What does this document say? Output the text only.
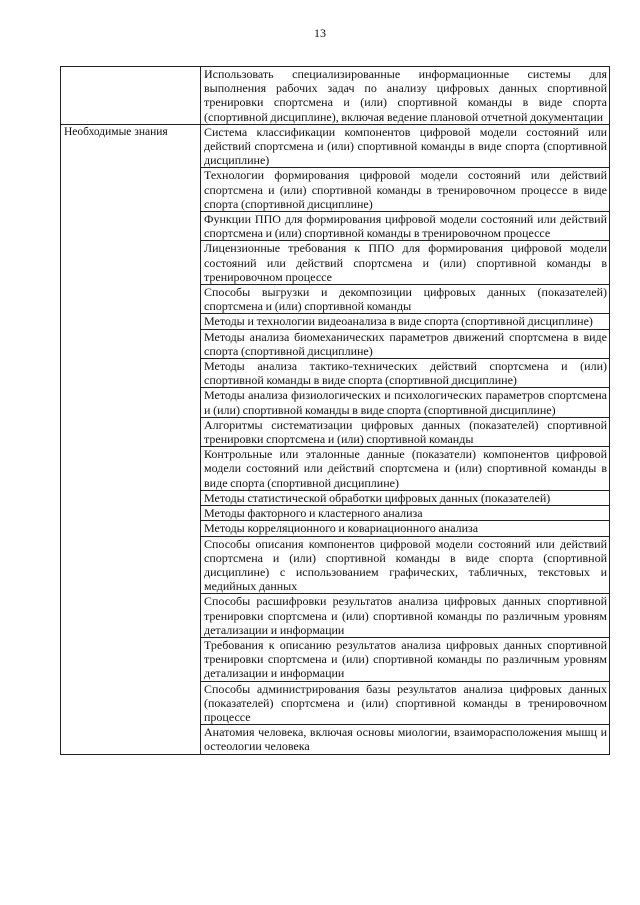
13

	Использовать специализированные информационные системы для выполнения рабочих задач по анализу цифровых данных спортивной тренировки спортсмена и (или) спортивной команды в виде спорта (спортивной дисциплине), включая ведение плановой отчетной документации

Необходимые знания	Система классификации компонентов цифровой модели состояний или действий спортсмена и (или) спортивной команды в виде спорта (спортивной дисциплине)

	Технологии формирования цифровой модели состояний или действий спортсмена и (или) спортивной команды в тренировочном процессе в виде спорта (спортивной дисциплине)

	Функции ППО для формирования цифровой модели состояний или действий спортсмена и (или) спортивной команды в тренировочном процессе

	Лицензионные требования к ППО для формирования цифровой модели состояний или действий спортсмена и (или) спортивной команды в тренировочном процессе

	Способы выгрузки и декомпозиции цифровых данных (показателей) спортсмена и (или) спортивной команды

	Методы и технологии видеоанализа в виде спорта (спортивной дисциплине)

	Методы анализа биомеханических параметров движений спортсмена в виде спорта (спортивной дисциплине)

	Методы анализа тактико-технических действий спортсмена и (или) спортивной команды в виде спорта (спортивной дисциплине)

	Методы анализа физиологических и психологических параметров спортсмена и (или) спортивной команды в виде спорта (спортивной дисциплине)

	Алгоритмы систематизации цифровых данных (показателей) спортивной тренировки спортсмена и (или) спортивной команды

	Контрольные или эталонные данные (показатели) компонентов цифровой модели состояний или действий спортсмена и (или) спортивной команды в виде спорта (спортивной дисциплине)

	Методы статистической обработки цифровых данных (показателей)

	Методы факторного и кластерного анализа

	Методы корреляционного и ковариационного анализа

	Способы описания компонентов цифровой модели состояний или действий спортсмена и (или) спортивной команды в виде спорта (спортивной дисциплине) с использованием графических, табличных, текстовых и медийных данных

	Способы расшифровки результатов анализа цифровых данных спортивной тренировки спортсмена и (или) спортивной команды по различным уровням детализации и информации

	Требования к описанию результатов анализа цифровых данных спортивной тренировки спортсмена и (или) спортивной команды по различным уровням детализации и информации

	Способы администрирования базы результатов анализа цифровых данных (показателей) спортсмена и (или) спортивной команды в тренировочном процессе

	Анатомия человека, включая основы миологии, взаиморасположения мышц и остеологии человека
